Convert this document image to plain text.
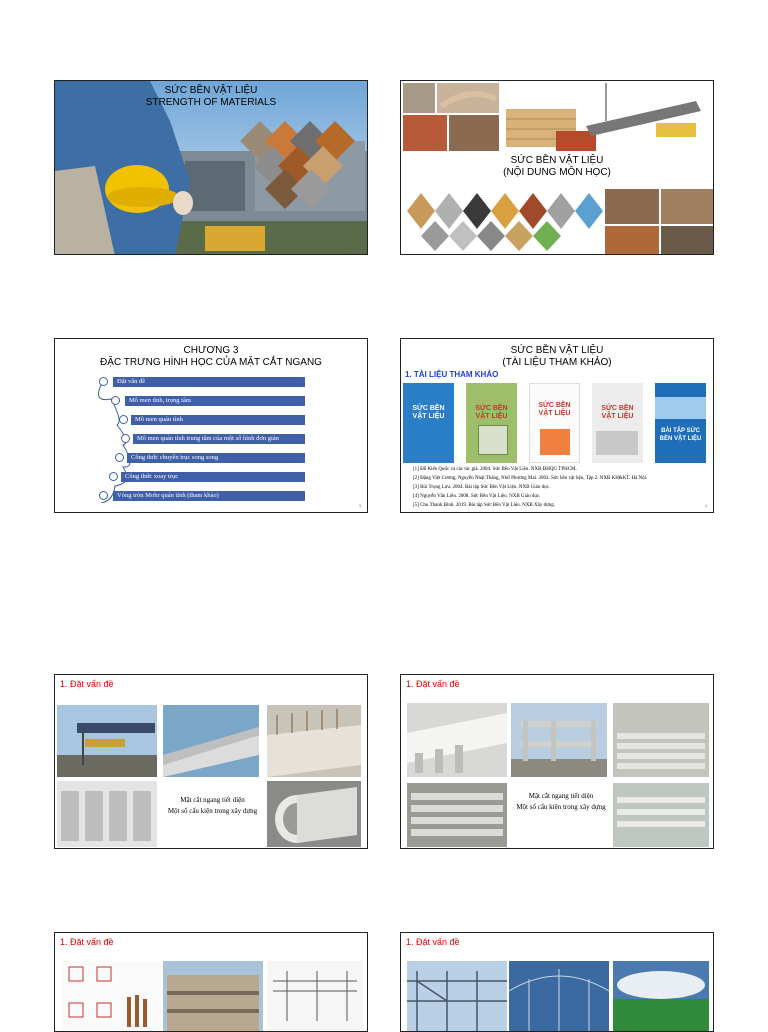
SỨC BỀN VẬT LIỆU
STRENGTH OF MATERIALS
SỨC BỀN VẬT LIỆU
(NỘI DUNG MÔN HỌC)
CHƯƠNG 3
ĐẶC TRƯNG HÌNH HỌC CỦA MẶT CẮT NGANG
Đặt vấn đề
Mô men tĩnh, trọng tâm
Mô men quán tính
Mô men quán tính trung tâm của một số hình đơn giản
Công thức chuyển trục song song
Công thức xoay trục
Vòng tròn Mohr quán tính (tham khảo)
3
SỨC BỀN VẬT LIỆU
(TÀI LIỆU THAM KHẢO)
1. TÀI LIỆU THAM KHẢO
SỨC BỀN VẬT LIỆU
SỨC BỀN VẬT LIỆU
SỨC BỀN VẬT LIỆU
SỨC BỀN VẬT LIỆU
BÀI TẬP SỨC BỀN VẬT LIỆU
[1] Đỗ Kiến Quốc và các tác giả. 2004. Sức Bền Vật Liệu. NXB ĐHQG TPHCM.
[2] Đặng Việt Cương, Nguyễn Nhật Thăng, Nhữ Phương Mai. 2002. Sức bền vật liệu, Tập 2. NXB KH&KT. Hà Nội.
[3] Bùi Trọng Lựu. 2004. Bài tập Sức Bền Vật Liệu. NXB Giáo dục.
[4] Nguyễn Văn Liên. 2008. Sức Bền Vật Liệu. NXB Giáo dục.
[5] Chu Thanh Bình. 2019. Bài tập Sức Bền Vật Liệu. NXB Xây dựng.	4
1. Đặt vấn đề
Mặt cắt ngang tiết diện
Một số cấu kiện trong xây dựng
1. Đặt vấn đề
Mặt cắt ngang tiết diện
Một số cấu kiện trong xây dựng
1. Đặt vấn đề	1. Đặt vấn đề
